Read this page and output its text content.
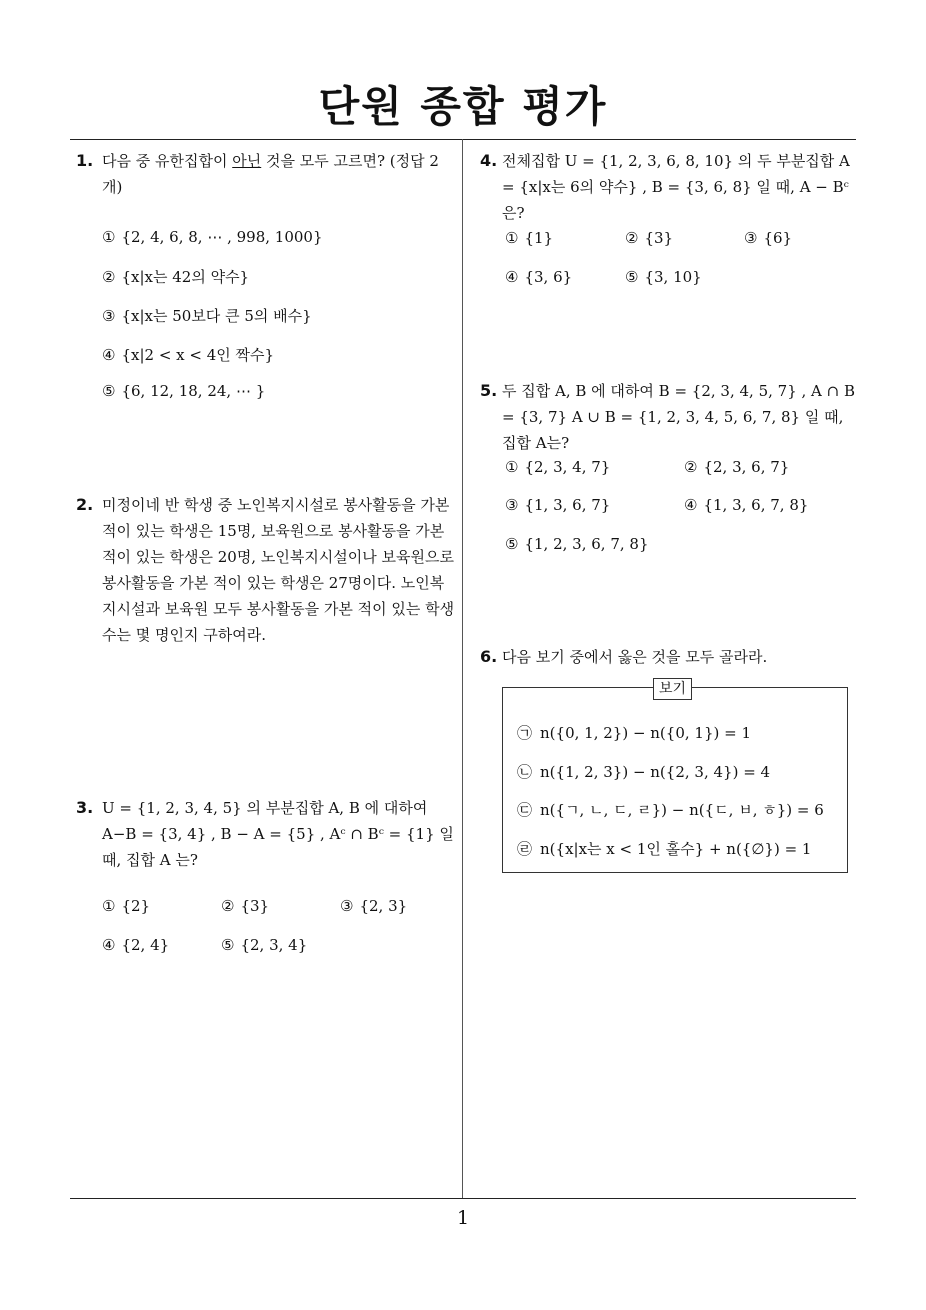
단원 종합 평가
1
1. 다음 중 유한집합이 아닌 것을 모두 고르면? (정답 2개)
① {2, 4, 6, 8, ⋯ , 998, 1000}
② {x|x는 42의 약수}
③ {x|x는 50보다 큰 5의 배수}
④ {x|2 < x < 4인 짝수}
⑤ {6, 12, 18, 24, ⋯ }
2. 미정이네 반 학생 중 노인복지시설로 봉사활동을 가본 적이 있는 학생은 15명, 보육원으로 봉사활동을 가본 적이 있는 학생은 20명, 노인복지시설이나 보육원으로 봉사활동을 가본 적이 있는 학생은 27명이다. 노인복지시설과 보육원 모두 봉사활동을 가본 적이 있는 학생 수는 몇 명인지 구하여라.
3. U = {1, 2, 3, 4, 5} 의 부분집합 A, B 에 대하여 A−B = {3, 4} , B − A = {5} , Aᶜ ∩ Bᶜ = {1} 일 때, 집합 A 는?
① {2}	② {3}	③ {2, 3}
④ {2, 4}	⑤ {2, 3, 4}
4. 전체집합 U = {1, 2, 3, 6, 8, 10} 의 두 부분집합 A = {x|x는 6의 약수} , B = {3, 6, 8} 일 때, A − Bᶜ 은?
① {1}	② {3}	③ {6}
④ {3, 6}	⑤ {3, 10}
5. 두 집합 A, B 에 대하여 B = {2, 3, 4, 5, 7} , A ∩ B = {3, 7} A ∪ B = {1, 2, 3, 4, 5, 6, 7, 8} 일 때, 집합 A는?
① {2, 3, 4, 7}	② {2, 3, 6, 7}
③ {1, 3, 6, 7}	④ {1, 3, 6, 7, 8}
⑤ {1, 2, 3, 6, 7, 8}
6. 다음 보기 중에서 옳은 것을 모두 골라라.
보기
㉠ n({0, 1, 2}) − n({0, 1}) = 1
㉡ n({1, 2, 3}) − n({2, 3, 4}) = 4
㉢ n({ㄱ, ㄴ, ㄷ, ㄹ}) − n({ㄷ, ㅂ, ㅎ}) = 6
㉣ n({x|x는 x < 1인 홀수} + n({∅}) = 1
